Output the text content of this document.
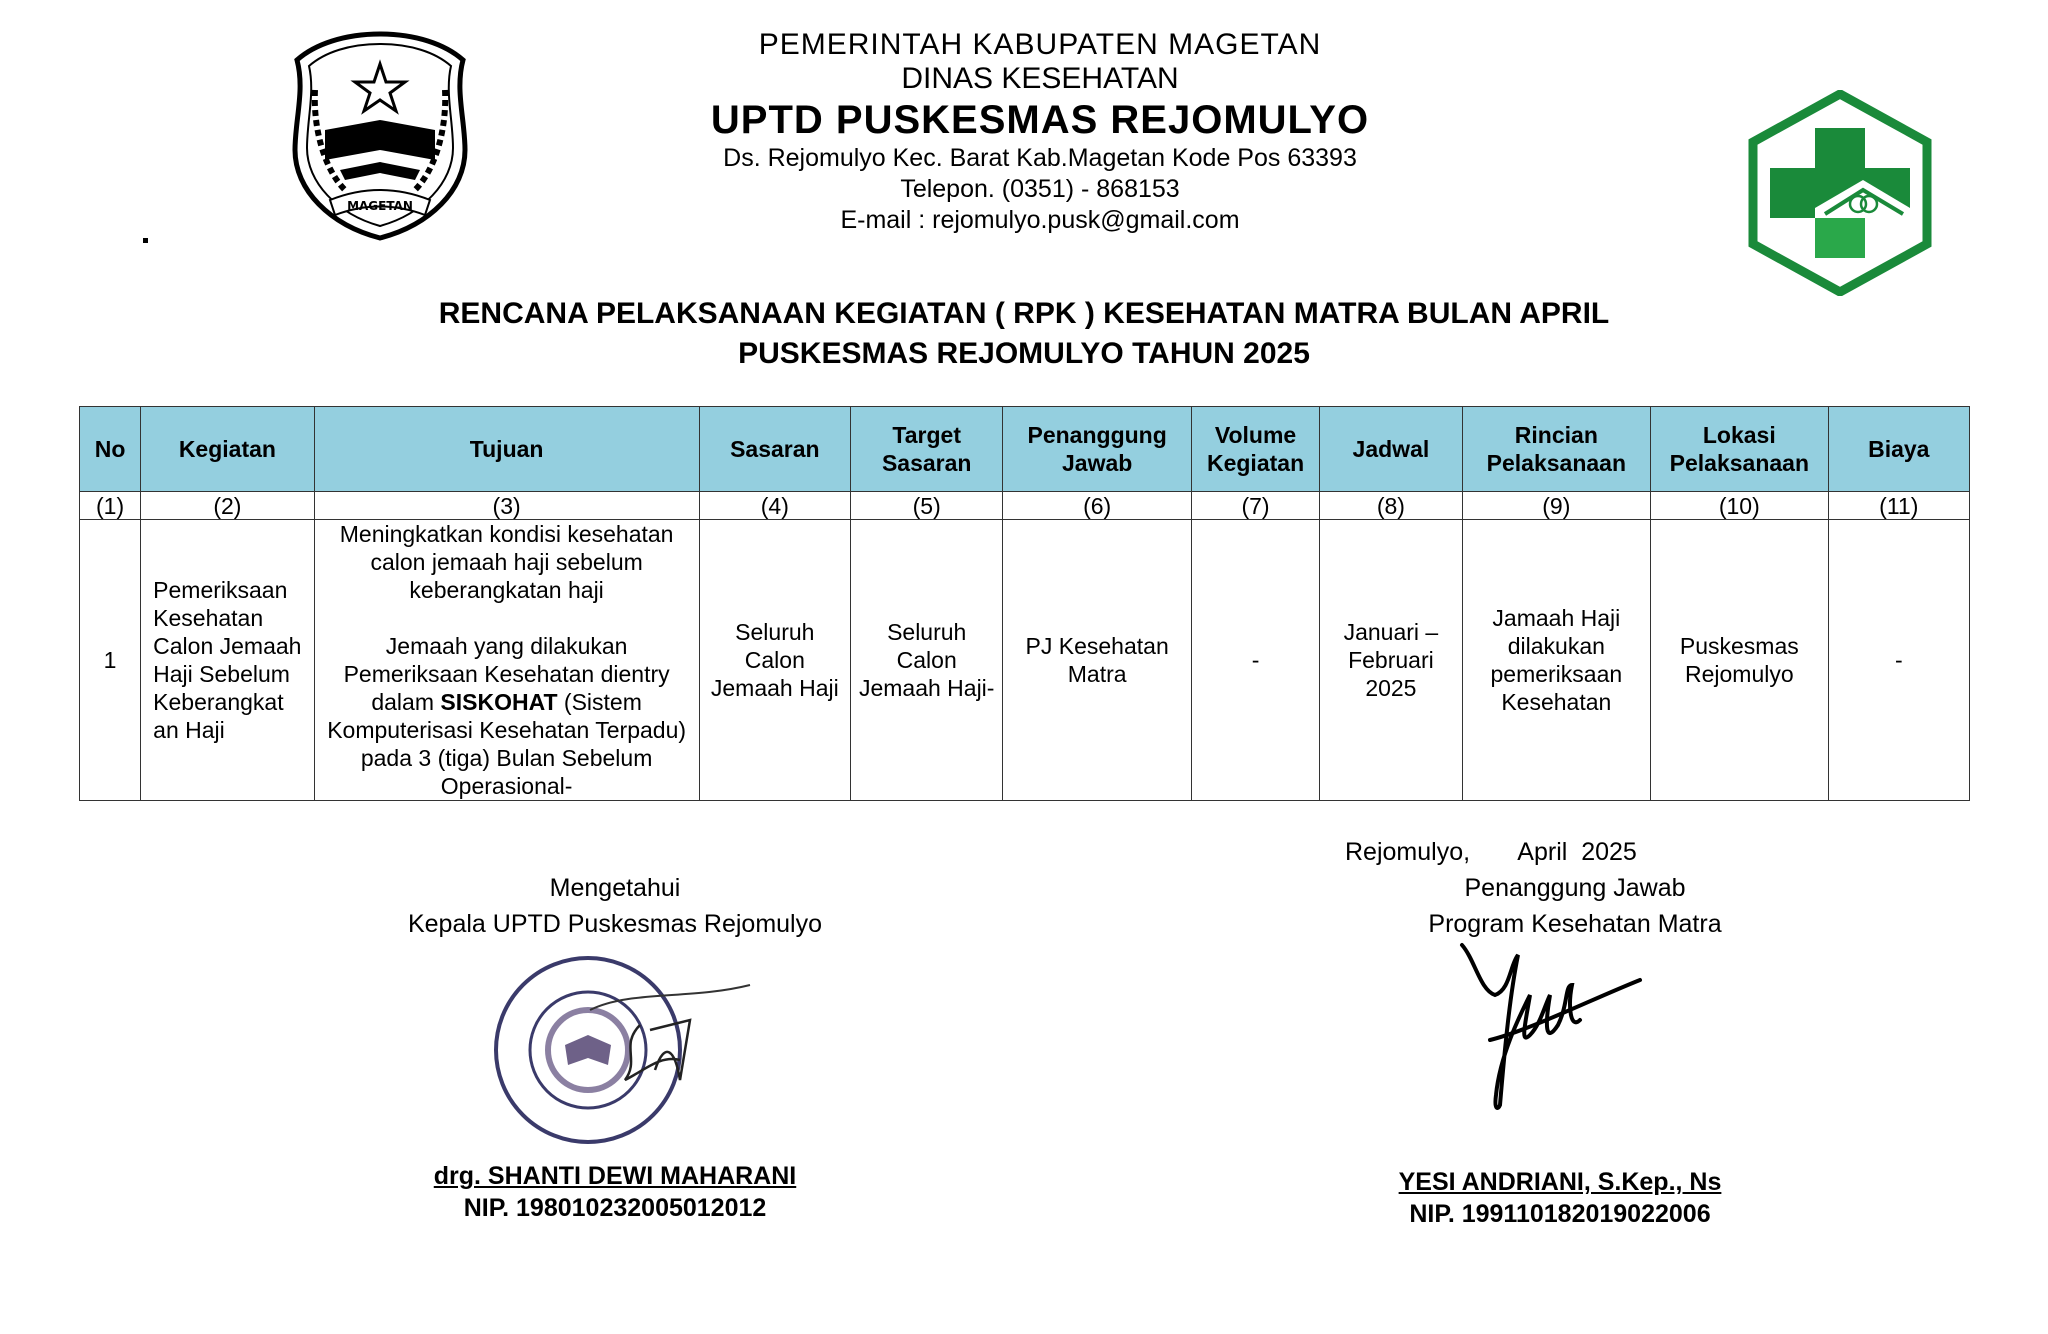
MAGETAN
PEMERINTAH KABUPATEN MAGETAN
DINAS KESEHATAN
UPTD PUSKESMAS REJOMULYO
Ds. Rejomulyo Kec. Barat Kab.Magetan Kode Pos 63393
Telepon. (0351) - 868153
E-mail : rejomulyo.pusk@gmail.com
RENCANA PELAKSANAAN KEGIATAN ( RPK ) KESEHATAN MATRA BULAN APRIL
PUSKESMAS REJOMULYO TAHUN 2025
No	Kegiatan	Tujuan	Sasaran	Target Sasaran	Penanggung Jawab	Volume Kegiatan	Jadwal	Rincian Pelaksanaan	Lokasi Pelaksanaan	Biaya
(1)	(2)	(3)	(4)	(5)	(6)	(7)	(8)	(9)	(10)	(11)
1	Pemeriksaan Kesehatan Calon Jemaah Haji Sebelum Keberangkat an Haji	Meningkatkan kondisi kesehatan calon jemaah haji sebelum keberangkatan haji
Jemaah yang dilakukan Pemeriksaan Kesehatan dientry dalam SISKOHAT (Sistem Komputerisasi Kesehatan Terpadu) pada 3 (tiga) Bulan Sebelum Operasional-	Seluruh Calon Jemaah Haji	Seluruh Calon Jemaah Haji-	PJ Kesehatan Matra	-	Januari – Februari 2025	Jamaah Haji dilakukan pemeriksaan Kesehatan	Puskesmas Rejomulyo	-
Mengetahui
Kepala UPTD Puskesmas Rejomulyo
drg. SHANTI DEWI MAHARANI
NIP. 198010232005012012
Rejomulyo,       April  2025
Penanggung Jawab
Program Kesehatan Matra
YESI ANDRIANI, S.Kep., Ns
NIP. 199110182019022006
